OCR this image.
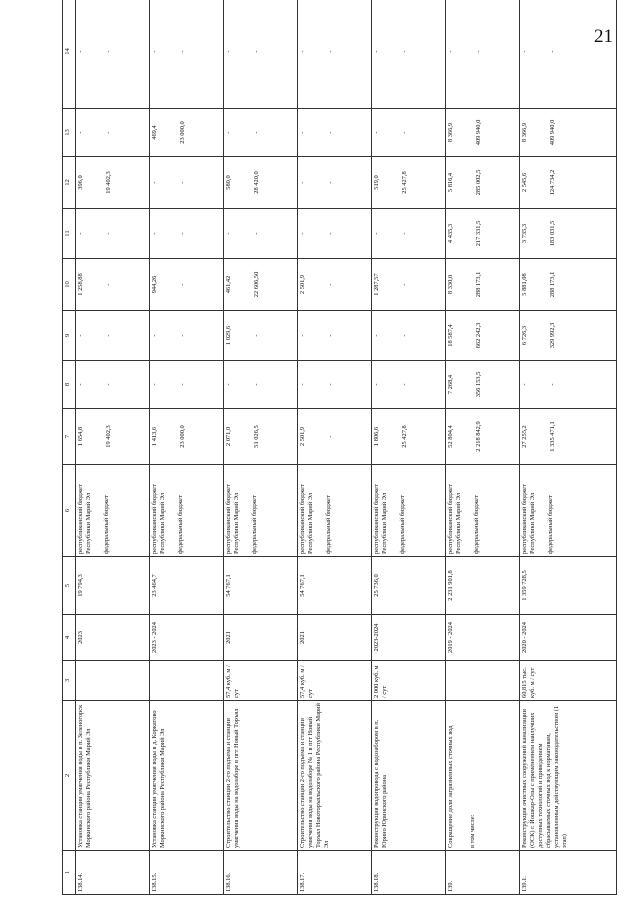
21
1	2	3	4	5	6	7	8	9	10	11	12	13	14
138.14.	Установка станции умягчения воды в п. Зеленогорск Моркинского района Республики Марий Эл		2023	19 794,3	республиканский бюджет Республики Марий Эл федеральный бюджет	1 654,8 19 402,3	- -	- -	1 258,88 -	- -	396,0 19 402,3	- -	- -

138.15.	Установка станции умягчения воды в д. Коркатово Моркинского района Республики Марий Эл		2023 - 2024	23 464,7	республиканский бюджет Республики Марий Эл федеральный бюджет	1 413,6 23 000,0	- -	- -	944,26 -	- -	- -	469,4 23 000,0	- -

138.16.	Строительство станции 2-го подъема и станции умягчения воды на водозаборе в пгт Новый Торъял	57,4 куб. м / сут	2021	54 767,1	республиканский бюджет Республики Марий Эл федеральный бюджет	2 071,0 51 026,5	- -	1 029,6 -	461,42 22 606,50	- -	580,0 28 420,0	- -	- -

138.17.	Строительство станции 2-го подъема и станции умягчения воды на водозаборе № 1 в пгт Новый Торъял Новоторъяльского района Республики Марий Эл	57,4 куб. м / сут	2021	54 767,1	республиканский бюджет Республики Марий Эл федеральный бюджет	2 501,9 -	- -	- -	2 501,9 -	- -	- -	- -	- -

138.18.	Реконструкция водопровода с водозабором в п. Юрино Юринского района	2 000 куб. м / сут	2023-2024	25 736,0	республиканский бюджет Республики Марий Эл федеральный бюджет	1 806,6 25 427,8	- -	- -	1 287,57 -	- -	519,0 25 427,8	- -	- -

139.	Сокращение доли загрязненных сточных вод в том числе:		2019 - 2024	2 231 901,8	республиканский бюджет Республики Марий Эл федеральный бюджет	52 804,4 2 218 842,9	7 268,4 356 153,5	18 587,4 662 242,3	8 330,0 288 173,1	4 435,3 217 331,5	5 816,4 285 002,5	8 366,9 409 940,0	- -

139.1.	Реконструкция очистных сооружений канализации (ОСК) г. Йошкар-Олы с применением наилучших доступных технологий и приведением сбрасываемых сточных вод к нормативам, установленным действующим законодательством (1 этап)	60,815 тыс. куб. м / сут	2020 - 2024	1 359 728,5	республиканский бюджет Республики Марий Эл федеральный бюджет	27 255,2 1 335 471,1	- -	6 726,3 329 992,3	5 881,08 288 173,1	3 735,3 183 031,5	2 545,6 124 734,2	8 366,9 409 940,0	- -
